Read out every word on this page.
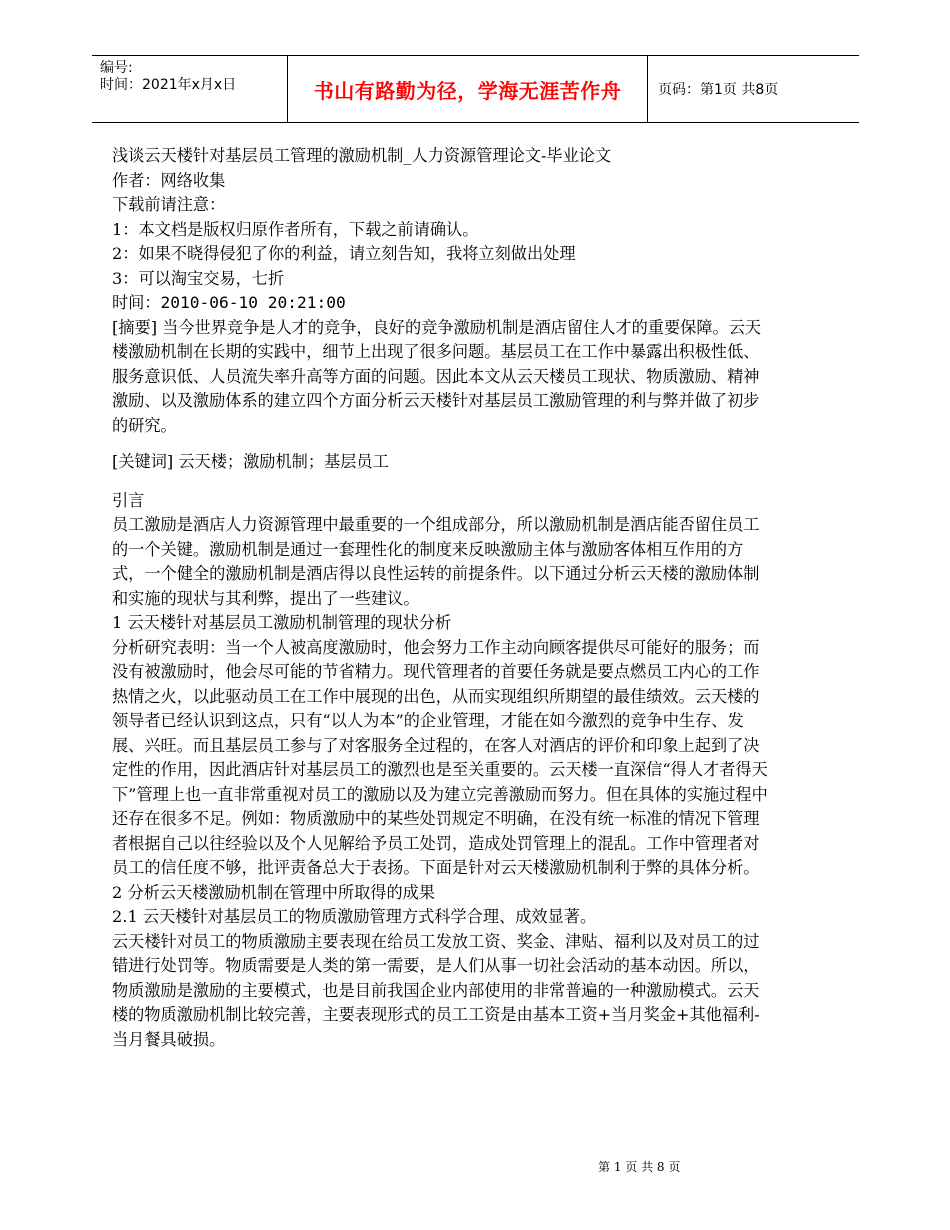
编号:
时间：2021年x月x日	书山有路勤为径，学海无涯苦作舟	页码：第1页 共8页

浅谈云天楼针对基层员工管理的激励机制_人力资源管理论文-毕业论文

作者：网络收集

下载前请注意：

1：本文档是版权归原作者所有，下载之前请确认。

2：如果不晓得侵犯了你的利益，请立刻告知，我将立刻做出处理

3：可以淘宝交易，七折

时间：2010-06-10 20:21:00

[摘要] 当今世界竞争是人才的竞争，良好的竞争激励机制是酒店留住人才的重要保障。云天楼激励机制在长期的实践中，细节上出现了很多问题。基层员工在工作中暴露出积极性低、服务意识低、人员流失率升高等方面的问题。因此本文从云天楼员工现状、物质激励、精神激励、以及激励体系的建立四个方面分析云天楼针对基层员工激励管理的利与弊并做了初步的研究。

[关键词] 云天楼；激励机制；基层员工

引言

员工激励是酒店人力资源管理中最重要的一个组成部分，所以激励机制是酒店能否留住员工的一个关键。激励机制是通过一套理性化的制度来反映激励主体与激励客体相互作用的方式，一个健全的激励机制是酒店得以良性运转的前提条件。以下通过分析云天楼的激励体制和实施的现状与其利弊，提出了一些建议。

1 云天楼针对基层员工激励机制管理的现状分析

分析研究表明：当一个人被高度激励时，他会努力工作主动向顾客提供尽可能好的服务；而没有被激励时，他会尽可能的节省精力。现代管理者的首要任务就是要点燃员工内心的工作热情之火，以此驱动员工在工作中展现的出色，从而实现组织所期望的最佳绩效。云天楼的领导者已经认识到这点，只有“以人为本”的企业管理，才能在如今激烈的竞争中生存、发展、兴旺。而且基层员工参与了对客服务全过程的，在客人对酒店的评价和印象上起到了决定性的作用，因此酒店针对基层员工的激烈也是至关重要的。云天楼一直深信“得人才者得天下”管理上也一直非常重视对员工的激励以及为建立完善激励而努力。但在具体的实施过程中还存在很多不足。例如：物质激励中的某些处罚规定不明确，在没有统一标准的情况下管理者根据自己以往经验以及个人见解给予员工处罚，造成处罚管理上的混乱。工作中管理者对员工的信任度不够，批评责备总大于表扬。下面是针对云天楼激励机制利于弊的具体分析。

2 分析云天楼激励机制在管理中所取得的成果

2.1 云天楼针对基层员工的物质激励管理方式科学合理、成效显著。

云天楼针对员工的物质激励主要表现在给员工发放工资、奖金、津贴、福利以及对员工的过错进行处罚等。物质需要是人类的第一需要，是人们从事一切社会活动的基本动因。所以，物质激励是激励的主要模式，也是目前我国企业内部使用的非常普遍的一种激励模式。云天楼的物质激励机制比较完善，主要表现形式的员工工资是由基本工资+当月奖金+其他福利-当月餐具破损。

第 1 页 共 8 页
